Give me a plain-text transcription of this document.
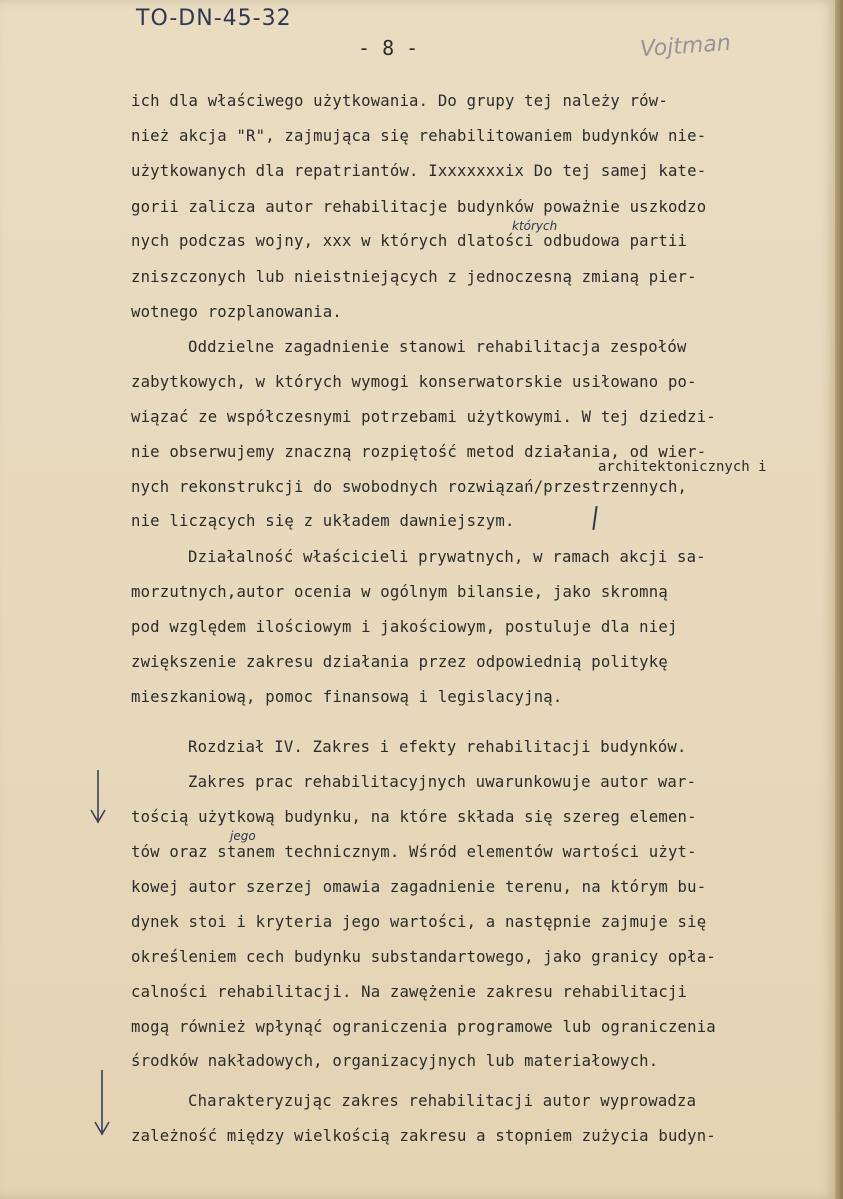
TO-DN-45-32
- 8 -	Vojtman
ich dla właściwego użytkowania. Do grupy tej należy rów-
nież akcja "R", zajmująca się rehabilitowaniem budynków nie-
użytkowanych dla repatriantów. Ixxxxxxxix Do tej samej kate-
gorii zalicza autor rehabilitacje budynków poważnie uszkodzo
nych podczas wojny, xxx w których dlatości odbudowa partii
zniszczonych lub nieistniejących z jednoczesną zmianą pier-
wotnego rozplanowania.
Oddzielne zagadnienie stanowi rehabilitacja zespołów
zabytkowych, w których wymogi konserwatorskie usiłowano po-
wiązać ze współczesnymi potrzebami użytkowymi. W tej dziedzi-
nie obserwujemy znaczną rozpiętość metod działania, od wier-
nych rekonstrukcji do swobodnych rozwiązań/przestrzennych,
nie liczących się z układem dawniejszym.
Działalność właścicieli prywatnych, w ramach akcji sa-
morzutnych,autor ocenia w ogólnym bilansie, jako skromną
pod względem ilościowym i jakościowym, postuluje dla niej
zwiększenie zakresu działania przez odpowiednią politykę
mieszkaniową, pomoc finansową i legislacyjną.
Rozdział IV. Zakres i efekty rehabilitacji budynków.
Zakres prac rehabilitacyjnych uwarunkowuje autor war-
tością użytkową budynku, na które składa się szereg elemen-
tów oraz stanem technicznym. Wśród elementów wartości użyt-
kowej autor szerzej omawia zagadnienie terenu, na którym bu-
dynek stoi i kryteria jego wartości, a następnie zajmuje się
określeniem cech budynku substandartowego, jako granicy opła-
calności rehabilitacji. Na zawężenie zakresu rehabilitacji
mogą również wpłynąć ograniczenia programowe lub ograniczenia
środków nakładowych, organizacyjnych lub materiałowych.
Charakteryzując zakres rehabilitacji autor wyprowadza
zależność między wielkością zakresu a stopniem zużycia budyn-
architektonicznych i
których
jego
